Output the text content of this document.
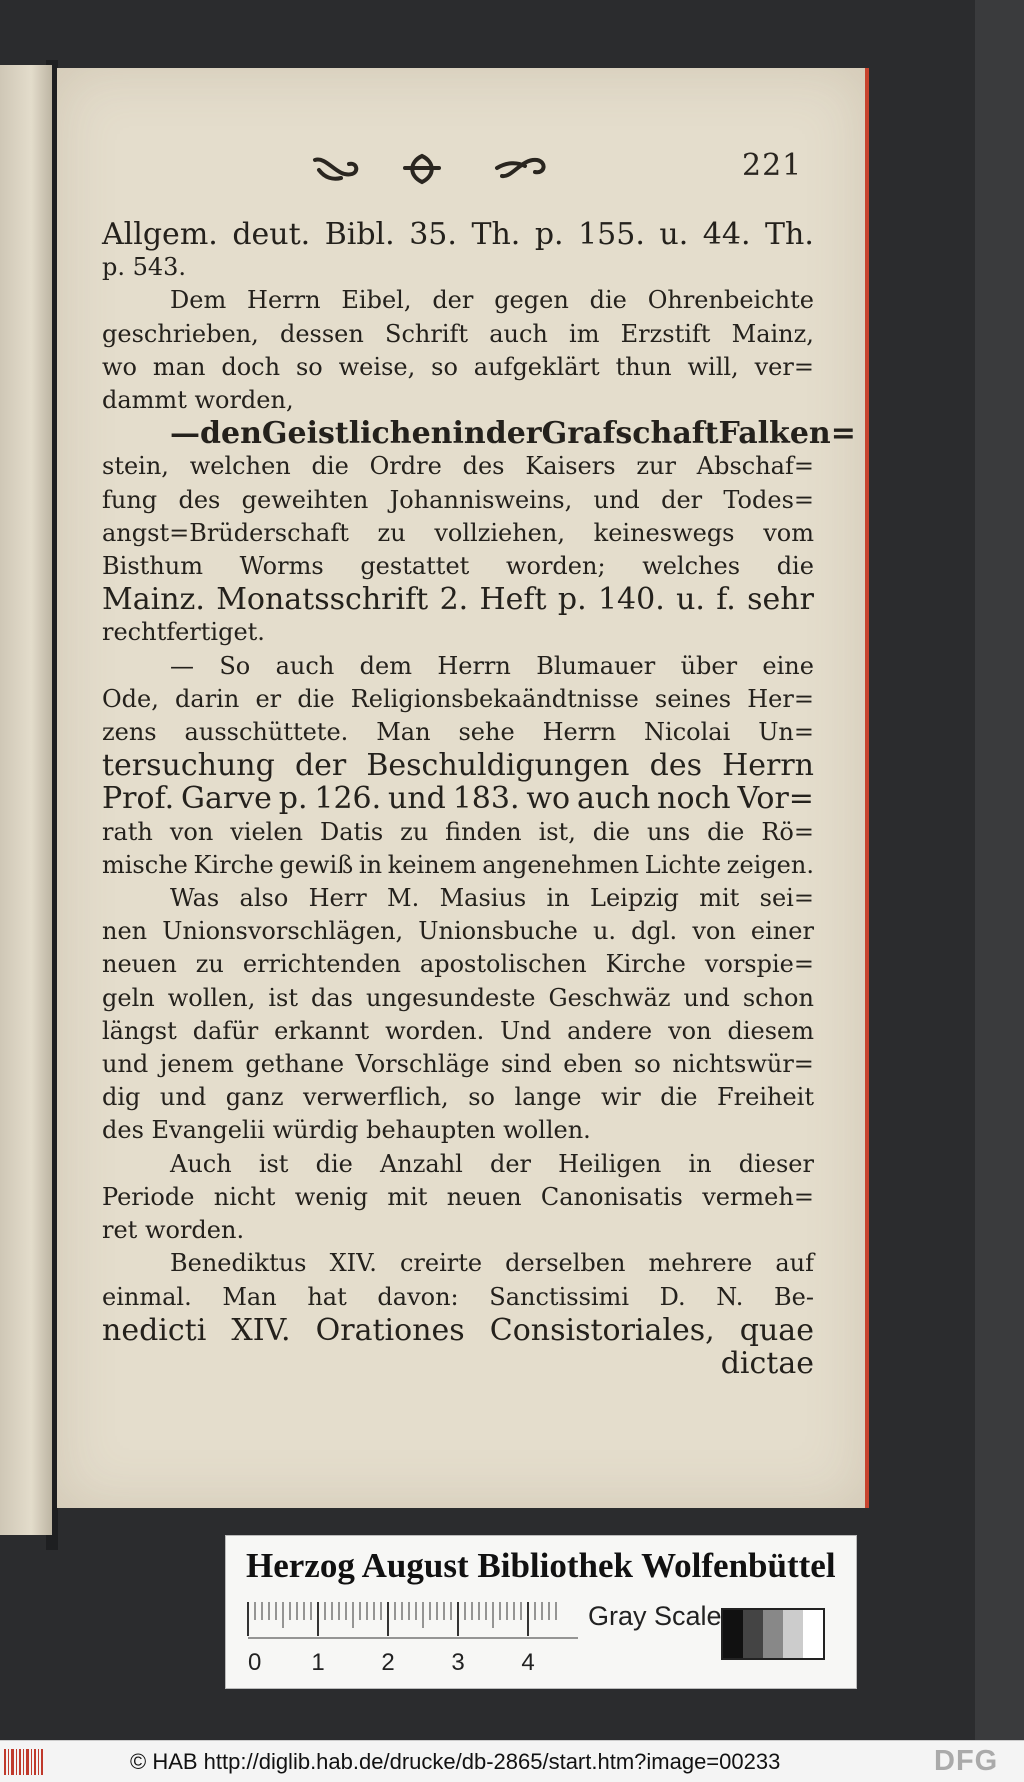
221
Allgem. deut. Bibl. 35. Th. p. 155. u. 44. Th.
p. 543.
Dem Herrn Eibel, der gegen die Ohrenbeichte
geschrieben, dessen Schrift auch im Erzstift Mainz,
wo man doch so weise, so aufgeklärt thun will, ver=
dammt worden,
— den Geistlichen in der Grafschaft Falken=
stein, welchen die Ordre des Kaisers zur Abschaf=
fung des geweihten Johannisweins, und der Todes=
angst=Brüderschaft zu vollziehen, keineswegs vom
Bisthum Worms gestattet worden; welches die
Mainz. Monatsschrift 2. Heft p. 140. u. f. sehr
rechtfertiget.
— So auch dem Herrn Blumauer über eine
Ode, darin er die Religionsbekaändtnisse seines Her=
zens ausschüttete. Man sehe Herrn Nicolai Un=
tersuchung der Beschuldigungen des Herrn
Prof. Garve p. 126. und 183. wo auch noch Vor=
rath von vielen Datis zu finden ist, die uns die Rö=
mische Kirche gewiß in keinem angenehmen Lichte zeigen.
Was also Herr M. Masius in Leipzig mit sei=
nen Unionsvorschlägen, Unionsbuche u. dgl. von einer
neuen zu errichtenden apostolischen Kirche vorspie=
geln wollen, ist das ungesundeste Geschwäz und schon
längst dafür erkannt worden. Und andere von diesem
und jenem gethane Vorschläge sind eben so nichtswür=
dig und ganz verwerflich, so lange wir die Freiheit
des Evangelii würdig behaupten wollen.
Auch ist die Anzahl der Heiligen in dieser
Periode nicht wenig mit neuen Canonisatis vermeh=
ret worden.
Benediktus XIV. creirte derselben mehrere auf
einmal. Man hat davon: Sanctissimi D. N. Be-
nedicti XIV. Orationes Consistoriales, quae
dictae
Herzog August Bibliothek Wolfenbüttel
0 1 2 3 4
Gray Scale
© HAB http://diglib.hab.de/drucke/db-2865/start.htm?image=00233	DFG
